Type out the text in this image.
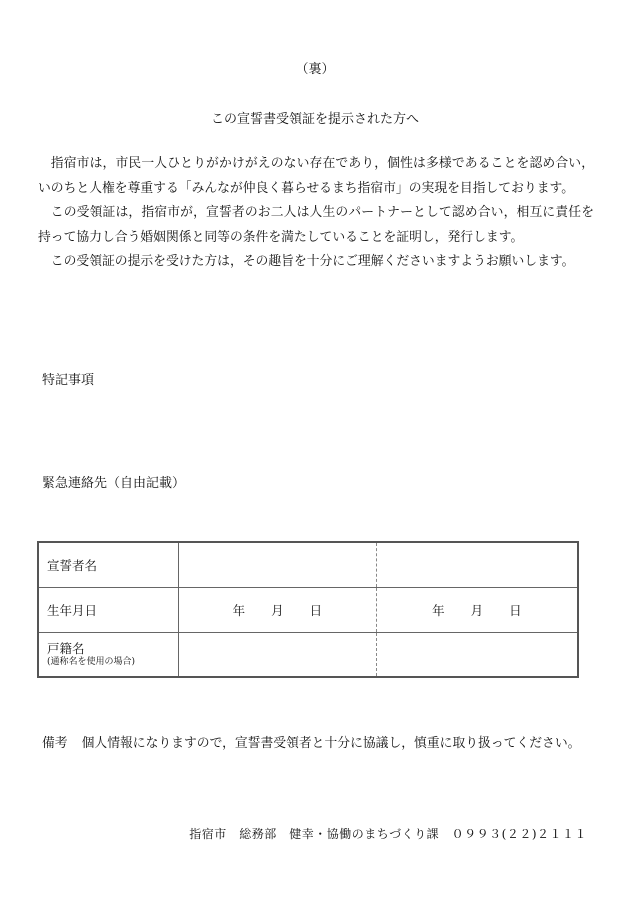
（裏）
この宣誓書受領証を提示された方へ

指宿市は，市民一人ひとりがかけがえのない存在であり，個性は多様であることを認め合い，いのちと人権を尊重する「みんなが仲良く暮らせるまち指宿市」の実現を目指しております。

この受領証は，指宿市が，宣誓者のお二人は人生のパートナーとして認め合い，相互に責任を持って協力し合う婚姻関係と同等の条件を満たしていることを証明し，発行します。

この受領証の提示を受けた方は，その趣旨を十分にご理解くださいますようお願いします。

特記事項
緊急連絡先（自由記載）
宣誓者名		
生年月日	年 月 日	年 月 日

戸籍名
(通称名を使用の場合)		

備考 個人情報になりますので，宣誓書受領者と十分に協議し，慎重に取り扱ってください。
指宿市　総務部　健幸・協働のまちづくり課　０９９３(２２)２１１１
